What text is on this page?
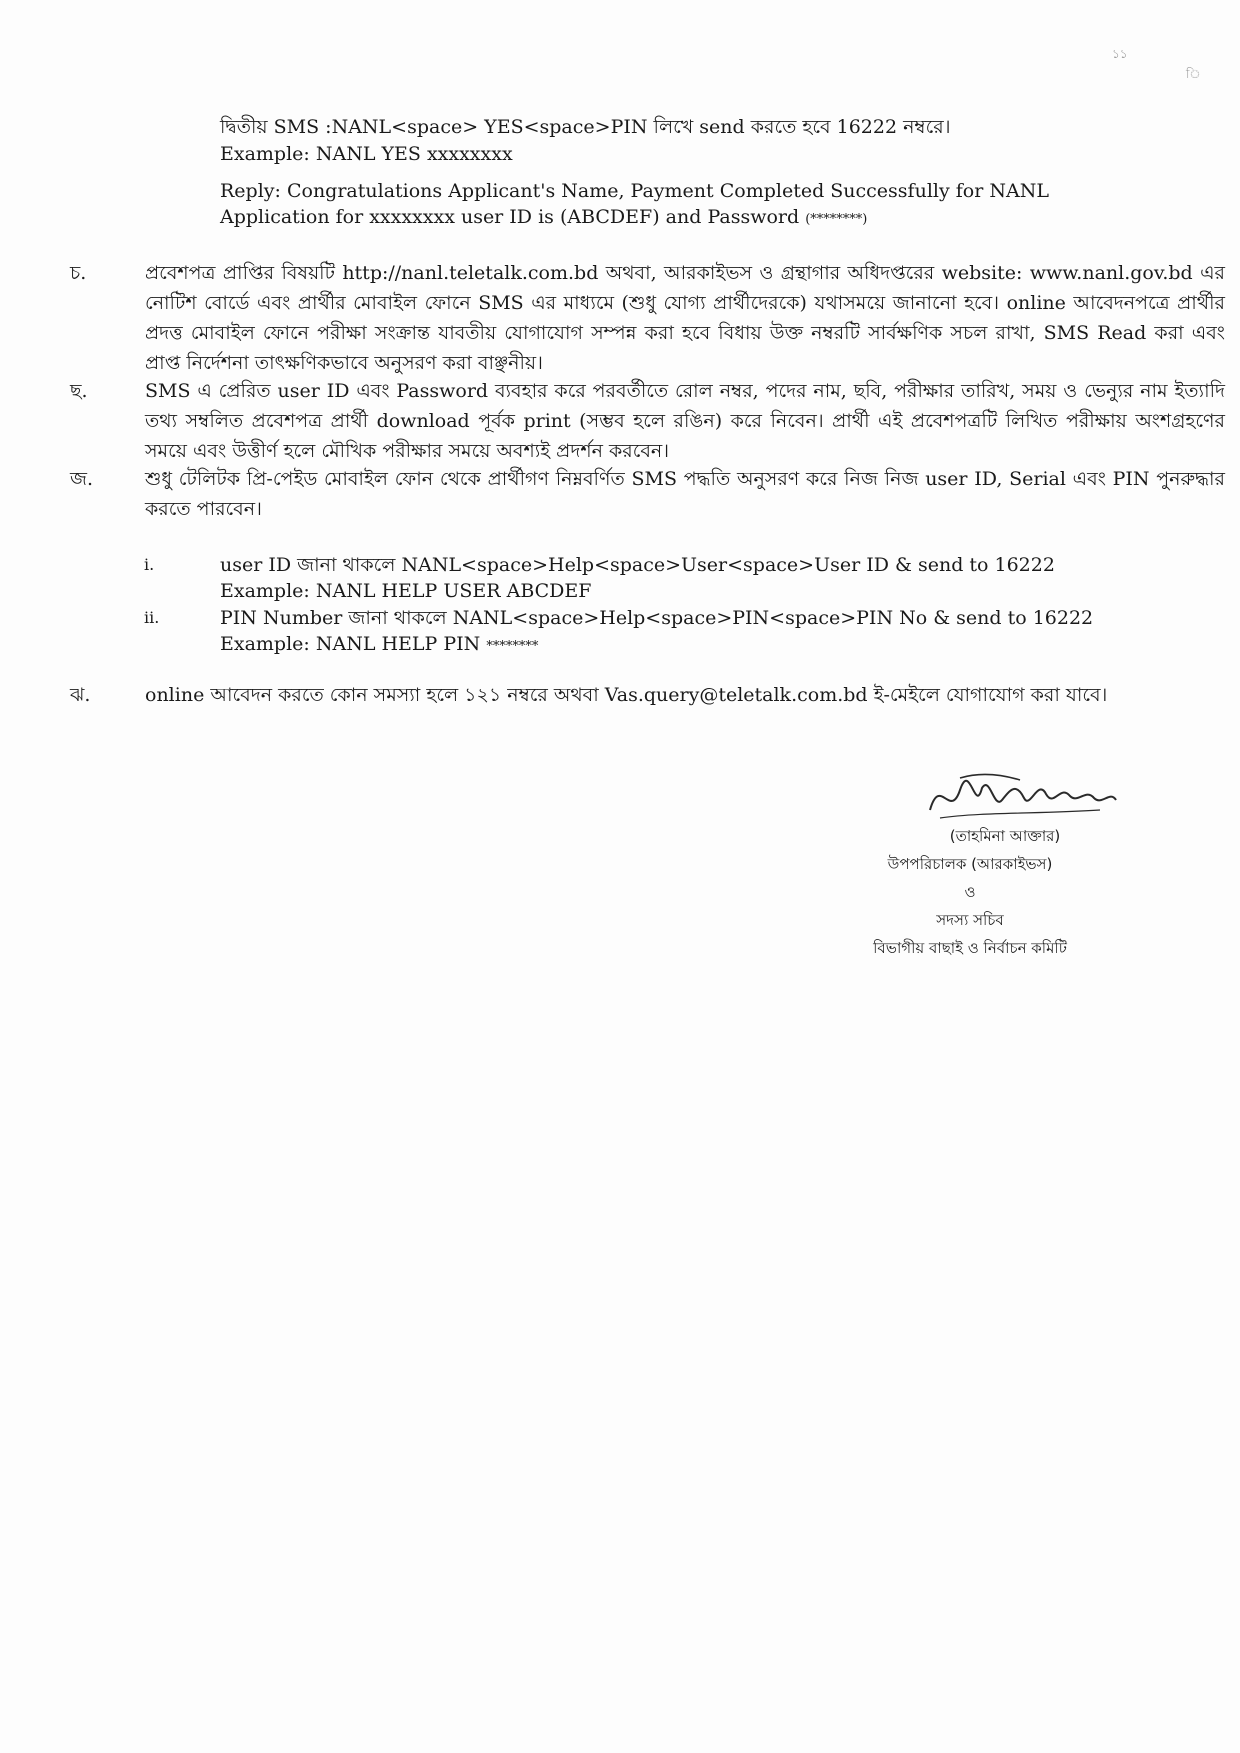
১১
ি

দ্বিতীয় SMS :NANL<space> YES<space>PIN লিখে send করতে হবে 16222 নম্বরে।

Example: NANL YES xxxxxxxx

Reply: Congratulations Applicant's Name, Payment Completed Successfully for NANL
Application for xxxxxxxx user ID is (ABCDEF) and Password (********)

চ.	প্রবেশপত্র প্রাপ্তির বিষয়টি http://nanl.teletalk.com.bd অথবা, আরকাইভস ও গ্রন্থাগার অধিদপ্তরের website: www.nanl.gov.bd এর নোটিশ বোর্ডে এবং প্রার্থীর মোবাইল ফোনে SMS এর মাধ্যমে (শুধু যোগ্য প্রার্থীদেরকে) যথাসময়ে জানানো হবে। online আবেদনপত্রে প্রার্থীর প্রদত্ত মোবাইল ফোনে পরীক্ষা সংক্রান্ত যাবতীয় যোগাযোগ সম্পন্ন করা হবে বিধায় উক্ত নম্বরটি সার্বক্ষণিক সচল রাখা, SMS Read করা এবং প্রাপ্ত নির্দেশনা তাৎক্ষণিকভাবে অনুসরণ করা বাঞ্ছনীয়।
ছ.	SMS এ প্রেরিত user ID এবং Password ব্যবহার করে পরবর্তীতে রোল নম্বর, পদের নাম, ছবি, পরীক্ষার তারিখ, সময় ও ভেন্যুর নাম ইত্যাদি তথ্য সম্বলিত প্রবেশপত্র প্রার্থী download পূর্বক print (সম্ভব হলে রঙিন) করে নিবেন। প্রার্থী এই প্রবেশপত্রটি লিখিত পরীক্ষায় অংশগ্রহণের সময়ে এবং উত্তীর্ণ হলে মৌখিক পরীক্ষার সময়ে অবশ্যই প্রদর্শন করবেন।
জ.	শুধু টেলিটক প্রি-পেইড মোবাইল ফোন থেকে প্রার্থীগণ নিম্নবর্ণিত SMS পদ্ধতি অনুসরণ করে নিজ নিজ user ID, Serial এবং PIN পুনরুদ্ধার করতে পারবেন।
i.	user ID জানা থাকলে NANL<space>Help<space>User<space>User ID & send to 16222
Example: NANL HELP USER ABCDEF
ii.	PIN Number জানা থাকলে NANL<space>Help<space>PIN<space>PIN No & send to 16222
Example: NANL HELP PIN ********
ঝ.	online আবেদন করতে কোন সমস্যা হলে ১২১ নম্বরে অথবা Vas.query@teletalk.com.bd ই-মেইলে যোগাযোগ করা যাবে।
(তাহমিনা আক্তার)
উপপরিচালক (আরকাইভস)
ও
সদস্য সচিব
বিভাগীয় বাছাই ও নির্বাচন কমিটি
